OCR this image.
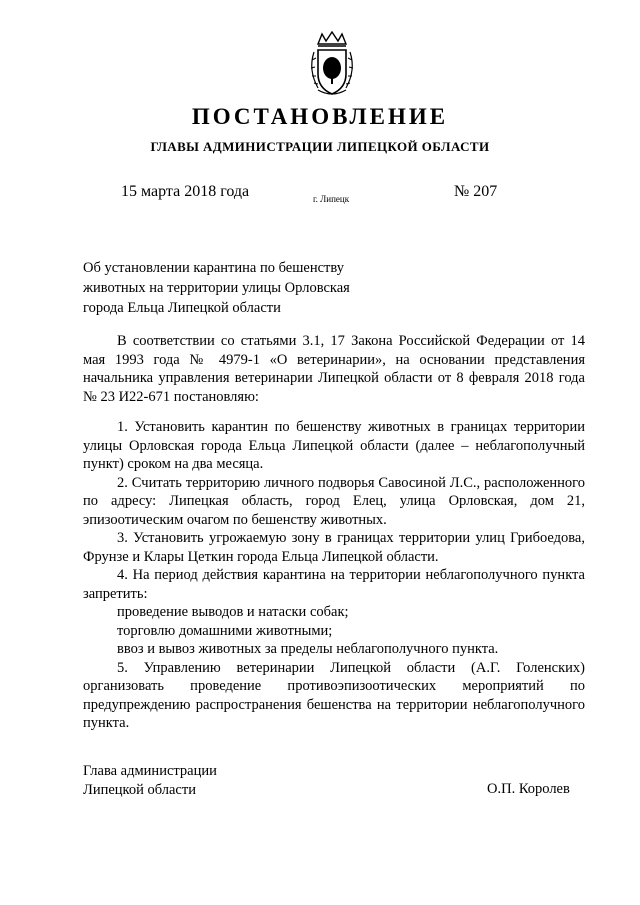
ПОСТАНОВЛЕНИЕ
ГЛАВЫ АДМИНИСТРАЦИИ ЛИПЕЦКОЙ ОБЛАСТИ
15 марта 2018 года	г. Липецк	№ 207
Об установлении карантина по бешенству
животных на территории улицы Орловская
города Ельца Липецкой области

В соответствии со статьями 3.1, 17 Закона Российской Федерации от 14 мая 1993 года № 4979-1 «О ветеринарии», на основании представления начальника управления ветеринарии Липецкой области от 8 февраля 2018 года № 23 И22-671 постановляю:

1. Установить карантин по бешенству животных в границах территории улицы Орловская города Ельца Липецкой области (далее – неблагополучный пункт) сроком на два месяца.

2. Считать территорию личного подворья Савосиной Л.С., расположенного по адресу: Липецкая область, город Елец, улица Орловская, дом 21, эпизоотическим очагом по бешенству животных.

3. Установить угрожаемую зону в границах территории улиц Грибоедова, Фрунзе и Клары Цеткин города Ельца Липецкой области.

4. На период действия карантина на территории неблагополучного пункта запретить:

проведение выводов и натаски собак;

торговлю домашними животными;

ввоз и вывоз животных за пределы неблагополучного пункта.

5. Управлению ветеринарии Липецкой области (А.Г. Голенских) организовать проведение противоэпизоотических мероприятий по предупреждению распространения бешенства на территории неблагополучного пункта.

Глава администрации
Липецкой области	О.П. Королев
